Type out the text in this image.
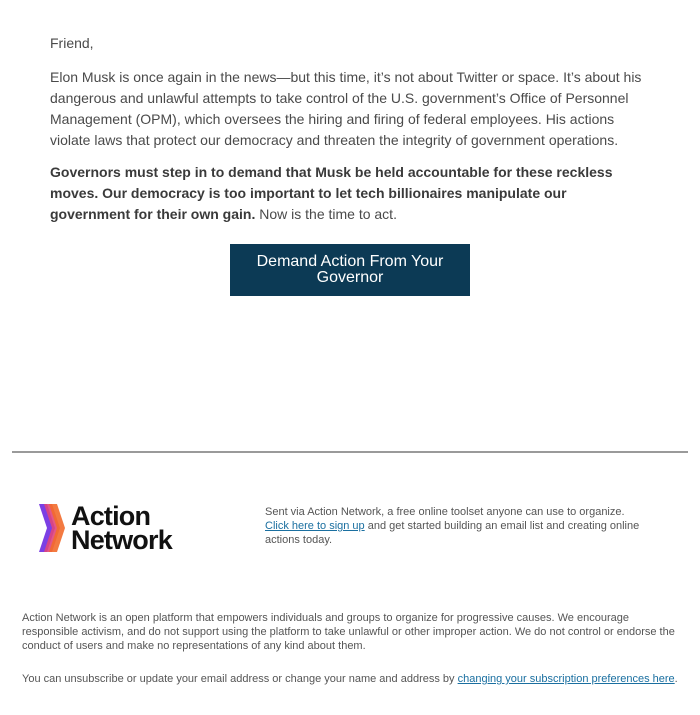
Friend,

Elon Musk is once again in the news—but this time, it’s not about Twitter or space. It’s about his dangerous and unlawful attempts to take control of the U.S. government’s Office of Personnel Management (OPM), which oversees the hiring and firing of federal employees. His actions violate laws that protect our democracy and threaten the integrity of government operations.

Governors must step in to demand that Musk be held accountable for these reckless moves. Our democracy is too important to let tech billionaires manipulate our government for their own gain. Now is the time to act.

Demand Action From Your Governor
Action
Network
Sent via Action Network, a free online toolset anyone can use to organize.
Click here to sign up and get started building an email list and creating online actions today.
Action Network is an open platform that empowers individuals and groups to organize for progressive causes. We encourage responsible activism, and do not support using the platform to take unlawful or other improper action. We do not control or endorse the conduct of users and make no representations of any kind about them.
You can unsubscribe or update your email address or change your name and address by changing your subscription preferences here.
